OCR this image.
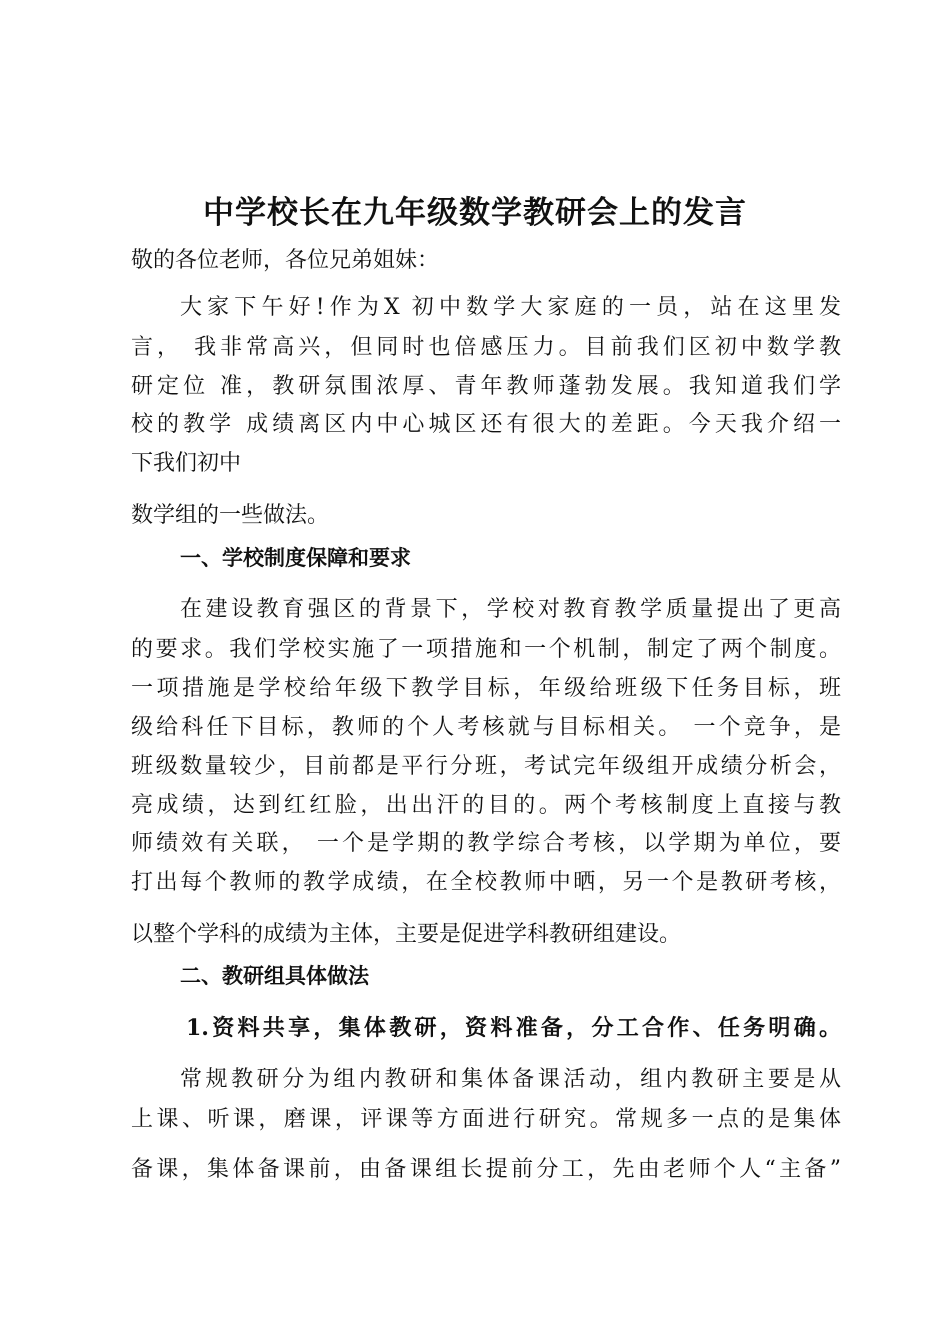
中学校长在九年级数学教研会上的发言

敬的各位老师，各位兄弟姐妹：

大家下午好!作为X 初中数学大家庭的一员，站在这里发

言， 我非常高兴，但同时也倍感压力。目前我们区初中数学教

研定位 准，教研氛围浓厚、青年教师蓬勃发展。我知道我们学

校的教学 成绩离区内中心城区还有很大的差距。今天我介绍一

下我们初中

数学组的一些做法。

一、学校制度保障和要求

在建设教育强区的背景下，学校对教育教学质量提出了更高

的要求。我们学校实施了一项措施和一个机制，制定了两个制度。

一项措施是学校给年级下教学目标，年级给班级下任务目标，班

级给科任下目标，教师的个人考核就与目标相关。 一个竞争，是

班级数量较少，目前都是平行分班，考试完年级组开成绩分析会，

亮成绩，达到红红脸，出出汗的目的。两个考核制度上直接与教

师绩效有关联， 一个是学期的教学综合考核，以学期为单位，要

打出每个教师的教学成绩，在全校教师中晒，另一个是教研考核，

以整个学科的成绩为主体，主要是促进学科教研组建设。

二、教研组具体做法

1.资料共享，集体教研，资料准备，分工合作、任务明确。

常规教研分为组内教研和集体备课活动，组内教研主要是从

上课、听课，磨课，评课等方面进行研究。常规多一点的是集体

备课，集体备课前，由备课组长提前分工，先由老师个人“主备”
